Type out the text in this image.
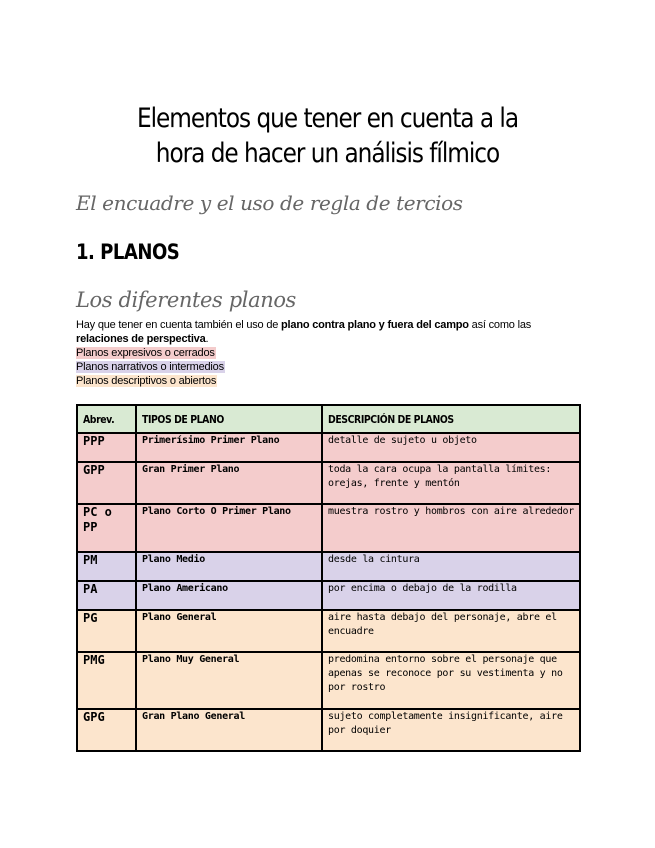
Elementos que tener en cuenta a la hora de hacer un análisis fílmico
El encuadre y el uso de regla de tercios
1. PLANOS
Los diferentes planos

Hay que tener en cuenta también el uso de plano contra plano y fuera del campo así como las relaciones de perspectiva.

Planos expresivos o cerrados

Planos narrativos o intermedios

Planos descriptivos o abiertos

Abrev.	TIPOS DE PLANO	DESCRIPCIÓN DE PLANOS
PPP	Primerísimo Primer Plano	detalle de sujeto u objeto
GPP	Gran Primer Plano	toda la cara ocupa la pantalla límites: orejas, frente y mentón
PC o PP	Plano Corto O Primer Plano	muestra rostro y hombros con aire alrededor
PM	Plano Medio	desde la cintura
PA	Plano Americano	por encima o debajo de la rodilla
PG	Plano General	aire hasta debajo del personaje, abre el encuadre
PMG	Plano Muy General	predomina entorno sobre el personaje que apenas se reconoce por su vestimenta y no por rostro
GPG	Gran Plano General	sujeto completamente insignificante, aire por doquier
